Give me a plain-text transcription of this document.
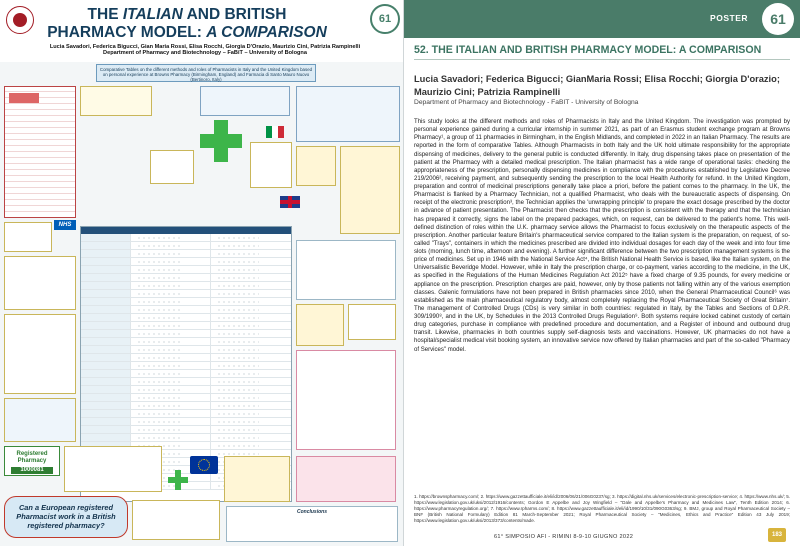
THE ITALIAN AND BRITISH
PHARMACY MODEL: A COMPARISON
61
Lucia Savadori, Federica Bigucci, Gian Maria Rossi, Elisa Rocchi, Giorgia D'Orazio, Maurizio Cini, Patrizia Rampinelli
Department of Pharmacy and Biotechnology – FaBiT – University of Bologna
Comparative Tables on the different methods and roles of Pharmacists in Italy and the United Kingdom based on personal experience at Browns Pharmacy (Birmingham, England) and Farmacia di Santo Mauro Nuovo (Bertinoro, Italy)
NHS
Registered Pharmacy
1000081
Can a European registered Pharmacist work in a British registered pharmacy?
Conclusions
POSTER 61
52. THE ITALIAN AND BRITISH PHARMACY MODEL: A COMPARISON
Lucia Savadori; Federica Bigucci; GianMaria Rossi; Elisa Rocchi; Giorgia D'orazio; Maurizio Cini; Patrizia Rampinelli
Department of Pharmacy and Biotechnology - FaBIT - University of Bologna
This study looks at the different methods and roles of Pharmacists in Italy and the United Kingdom. The investigation was prompted by personal experience gained during a curricular internship in summer 2021, as part of an Erasmus student exchange program at Browns Pharmacy¹, a group of 11 pharmacies in Birmingham, in the English Midlands, and completed in 2022 in an Italian Pharmacy. The results are reported in the form of comparative Tables. Although Pharmacists in both Italy and the UK hold ultimate responsibility for the appropriate dispensing of medicines, delivery to the general public is conducted differently. In Italy, drug dispensing takes place on presentation of the patient at the Pharmacy with a detailed medical prescription. The Italian pharmacist has a wide range of operational tasks: checking the appropriateness of the prescription, personally dispensing medicines in compliance with the procedures established by Legislative Decree 219/2006², receiving payment, and subsequently sending the prescription to the local Health Authority for refund. In the United Kingdom, preparation and control of medicinal prescriptions generally take place a priori, before the patient comes to the pharmacy. In the UK, the Pharmacist is flanked by a Pharmacy Technician, not a qualified Pharmacist, who deals with the bureaucratic aspects of dispensing. On receipt of the electronic prescription³, the Technician applies the 'unwrapping principle' to prepare the exact dosage prescribed by the doctor in advance of patient presentation. The Pharmacist then checks that the prescription is consistent with the therapy and that the technician has prepared it correctly, signs the label on the prepared packages, which, on request, can be delivered to the patient's home. This well-defined distinction of roles within the U.K. pharmacy service allows the Pharmacist to focus exclusively on the therapeutic aspects of the prescription. Another particular feature Britain's pharmaceutical service compared to the Italian system is the preparation, on request, of so-called "Trays", containers in which the medicines prescribed are divided into individual dosages for each day of the week and into four time slots (morning, lunch time, afternoon and evening). A further significant difference between the two prescription management systems is the price of medicines. Set up in 1946 with the National Service Act⁴, the British National Health Service is based, like the Italian system, on the Universalistic Beveridge Model. However, while in Italy the prescription charge, or co-payment, varies according to the medicine, in the UK, as specified in the Regulations of the Human Medicines Regulation Act 2012⁵ have a fixed charge of 9.35 pounds, for every medicine or appliance on the prescription. Prescription charges are paid, however, only by those patients not falling within any of the various exemption classes. Galenic formulations have not been prepared in British pharmacies since 2010, when the General Pharmaceutical Council⁶ was established as the main pharmaceutical regulatory body, almost completely replacing the Royal Pharmaceutical Society of Great Britain⁷. The management of Controlled Drugs (CDs) is very similar in both countries: regulated in Italy, by the Tables and Sections of D.P.R. 309/1990⁸, and in the UK, by Schedules in the 2013 Controlled Drugs Regulation⁹. Both systems require locked cabinet custody of certain drug categories, purchase in compliance with predefined procedure and documentation, and a Register of inbound and outbound drug transit. Likewise, pharmacies in both countries supply self-diagnosis tests and vaccinations. However, UK pharmacies do not have a hospital/specialist medical visit booking system, an innovative service now offered by Italian pharmacies and part of the so-called "Pharmacy of Services" model.
1. https://brownspharmacy.com/; 2. https://www.gazzettaufficiale.it/eli/id/2006/06/21/006G0237/sg; 3. https://digital.nhs.uk/services/electronic-prescription-service; 4. https://www.nhs.uk/; 5. https://www.legislation.gov.uk/uksi/2012/1916/contents; Gordon E Appelbe and Joy Wingfield – "Dale and Appelbe's Pharmacy and Medicines Law", Tenth Edition 2014; 6. https://www.pharmacyregulation.org/; 7. https://www.rpharms.com/; 8. https://www.gazzettaufficiale.it/eli/id/1990/10/31/090G0363/sg; 9. BMJ, group and Royal Pharmaceutical Society – BNF (British National Formulary) Edition 81 March-September 2021; Royal Pharmaceutical Society – "Medicines, Ethics and Practice" Edition 43 July 2019; https://www.legislation.gov.uk/uksi/2013/373/contents/made.
61° SIMPOSIO AFI - RIMINI 8-9-10 GIUGNO 2022	183
